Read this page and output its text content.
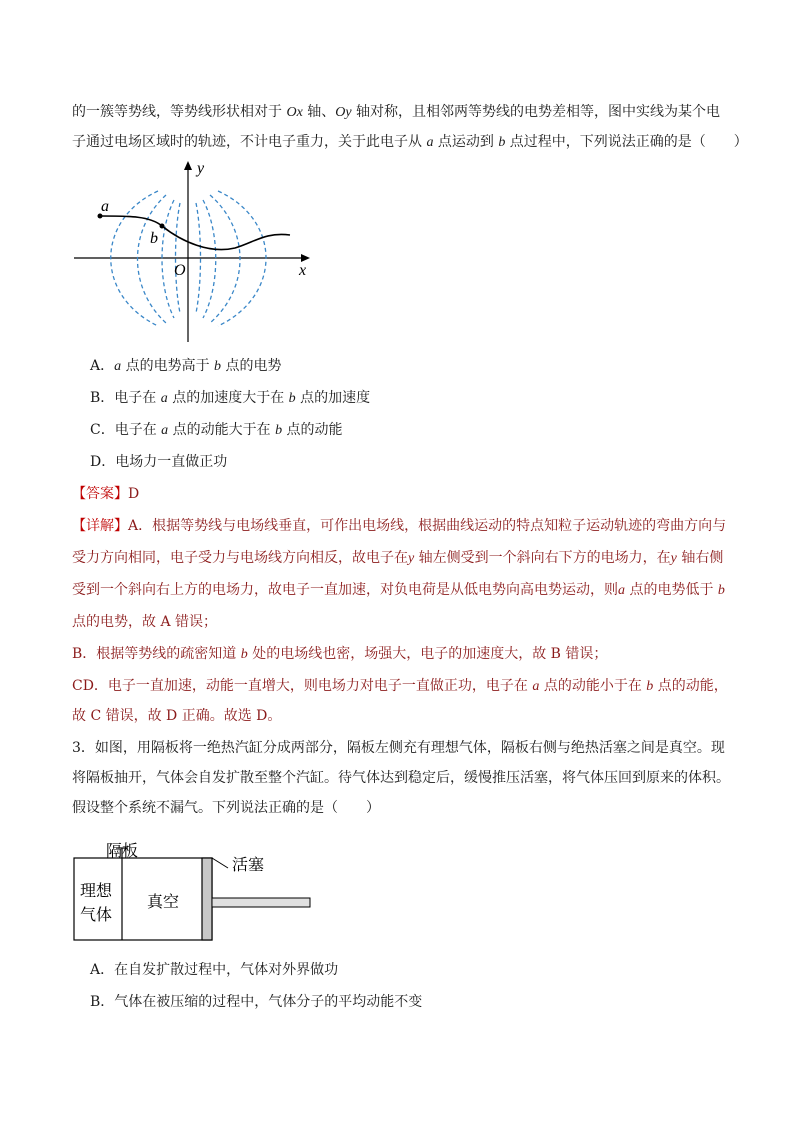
的一簇等势线，等势线形状相对于 Ox 轴、Oy 轴对称，且相邻两等势线的电势差相等，图中实线为某个电
子通过电场区域时的轨迹，不计电子重力，关于此电子从 a 点运动到 b 点过程中，下列说法正确的是（　　）
a
b
O	x
y
A．a 点的电势高于 b 点的电势
B．电子在 a 点的加速度大于在 b 点的加速度
C．电子在 a 点的动能大于在 b 点的动能
D．电场力一直做正功
【答案】D
【详解】A．根据等势线与电场线垂直，可作出电场线，根据曲线运动的特点知粒子运动轨迹的弯曲方向与
受力方向相同，电子受力与电场线方向相反，故电子在y 轴左侧受到一个斜向右下方的电场力，在y 轴右侧
受到一个斜向右上方的电场力，故电子一直加速，对负电荷是从低电势向高电势运动，则a 点的电势低于 b
点的电势，故 A 错误；
B．根据等势线的疏密知道 b 处的电场线也密，场强大，电子的加速度大，故 B 错误；
CD．电子一直加速，动能一直增大，则电场力对电子一直做正功，电子在 a 点的动能小于在 b 点的动能，
故 C 错误，故 D 正确。故选 D。
3．如图，用隔板将一绝热汽缸分成两部分，隔板左侧充有理想气体，隔板右侧与绝热活塞之间是真空。现
将隔板抽开，气体会自发扩散至整个汽缸。待气体达到稳定后，缓慢推压活塞，将气体压回到原来的体积。
假设整个系统不漏气。下列说法正确的是（　　）
隔板
活塞
理想
气体
真空
A．在自发扩散过程中，气体对外界做功
B．气体在被压缩的过程中，气体分子的平均动能不变
